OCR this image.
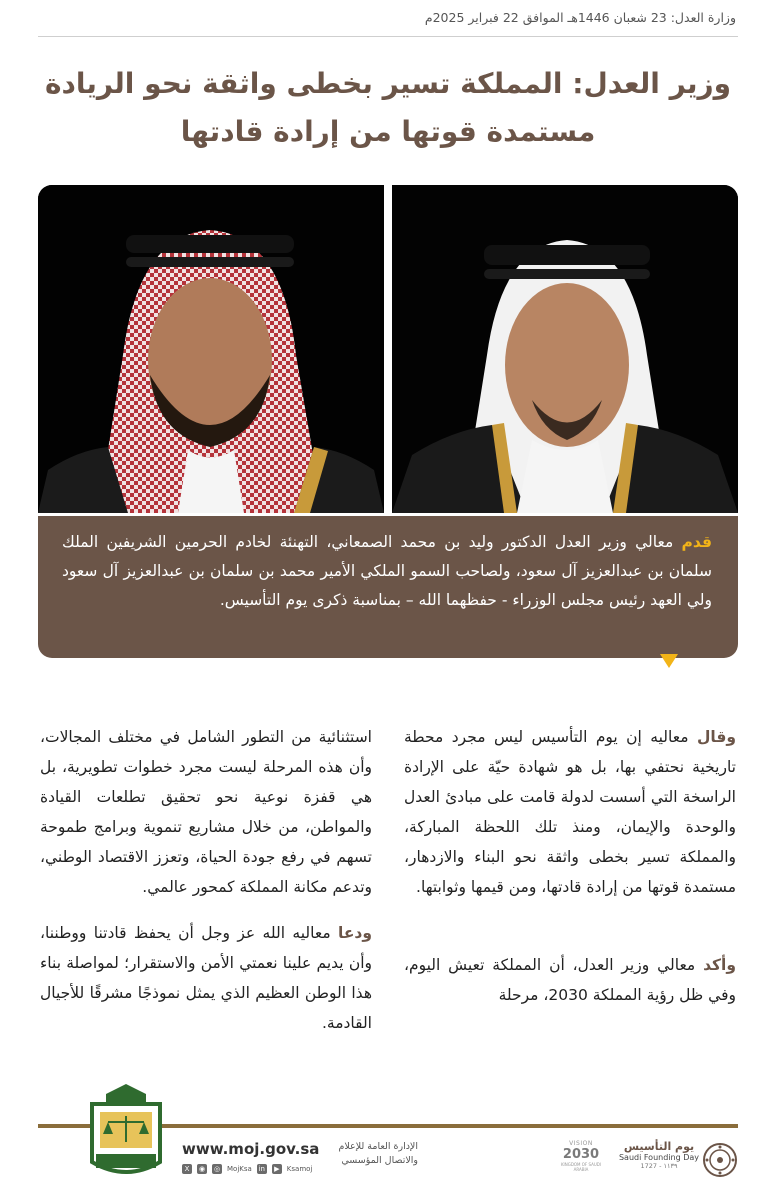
وزارة العدل: 23 شعبان 1446هـ الموافق 22 فبراير 2025م
وزير العدل: المملكة تسير بخطى واثقة نحو الريادة
مستمدة قوتها من إرادة قادتها
قدم معالي وزير العدل الدكتور وليد بن محمد الصمعاني، التهنئة لخادم الحرمين الشريفين الملك سلمان بن عبدالعزيز آل سعود، ولصاحب السمو الملكي الأمير محمد بن سلمان بن عبدالعزيز آل سعود ولي العهد رئيس مجلس الوزراء - حفظهما الله – بمناسبة ذكرى يوم التأسيس.

وقال معاليه إن يوم التأسيس ليس مجرد محطة تاريخية نحتفي بها، بل هو شهادة حيّة على الإرادة الراسخة التي أسست لدولة قامت على مبادئ العدل والوحدة والإيمان، ومنذ تلك اللحظة المباركة، والمملكة تسير بخطى واثقة نحو البناء والازدهار، مستمدة قوتها من إرادة قادتها، ومن قيمها وثوابتها.

وأكد معالي وزير العدل، أن المملكة تعيش اليوم، وفي ظل رؤية المملكة 2030، مرحلة

استثنائية من التطور الشامل في مختلف المجالات، وأن هذه المرحلة ليست مجرد خطوات تطويرية، بل هي قفزة نوعية نحو تحقيق تطلعات القيادة والمواطن، من خلال مشاريع تنموية وبرامج طموحة تسهم في رفع جودة الحياة، وتعزز الاقتصاد الوطني، وتدعم مكانة المملكة كمحور عالمي.

ودعا معاليه الله عز وجل أن يحفظ قادتنا ووطننا، وأن يديم علينا نعمتي الأمن والاستقرار؛ لمواصلة بناء هذا الوطن العظيم الذي يمثل نموذجًا مشرقًا للأجيال القادمة.

www.moj.gov.sa
X	◉ ◎ MojKsa in	▶	Ksamoj
الإدارة العامة للإعلام
والاتصال المؤسسي
VISION
2030
KINGDOM OF SAUDI ARABIA
يوم التأسيس
Saudi Founding Day
1727 - ١١٣٩
